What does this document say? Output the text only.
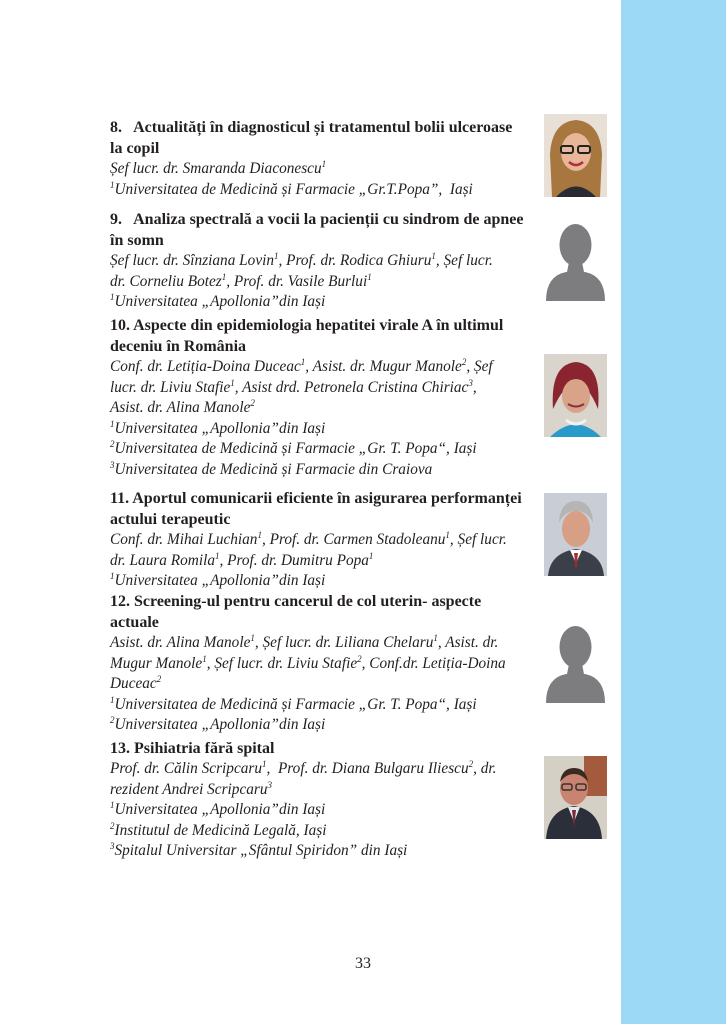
8.   Actualități în diagnosticul și tratamentul bolii ulceroase
la copil
Șef lucr. dr. Smaranda Diaconescu$^1$
$^1$Universitatea de Medicină și Farmacie „Gr.T.Popa”,  Iași
9.   Analiza spectrală a vocii la pacienții cu sindrom de apnee
în somn
Șef lucr. dr. Sînziana Lovin$^1$, Prof. dr. Rodica Ghiuru$^1$, Șef lucr.
dr. Corneliu Botez$^1$, Prof. dr. Vasile Burlui$^1$
$^1$Universitatea „Apollonia”din Iași
10. Aspecte din epidemiologia hepatitei virale A în ultimul
deceniu în România
Conf. dr. Letiția-Doina Duceac$^1$, Asist. dr. Mugur Manole$^2$, Șef
lucr. dr. Liviu Stafie$^1$, Asist drd. Petronela Cristina Chiriac$^3$,
Asist. dr. Alina Manole$^2$
$^1$Universitatea „Apollonia”din Iași
$^2$Universitatea de Medicină și Farmacie „Gr. T. Popa“, Iași
$^3$Universitatea de Medicină și Farmacie din Craiova
11. Aportul comunicarii eficiente în asigurarea performanței
actului terapeutic
Conf. dr. Mihai Luchian$^1$, Prof. dr. Carmen Stadoleanu$^1$, Șef lucr.
dr. Laura Romila$^1$, Prof. dr. Dumitru Popa$^1$
$^1$Universitatea „Apollonia”din Iași
12. Screening-ul pentru cancerul de col uterin- aspecte
actuale
Asist. dr. Alina Manole$^1$, Șef lucr. dr. Liliana Chelaru$^1$, Asist. dr.
Mugur Manole$^1$, Șef lucr. dr. Liviu Stafie$^2$, Conf.dr. Letiția-Doina
Duceac$^2$
$^1$Universitatea de Medicină și Farmacie „Gr. T. Popa“, Iași
$^2$Universitatea „Apollonia”din Iași
13. Psihiatria fără spital
Prof. dr. Călin Scripcaru$^1$,  Prof. dr. Diana Bulgaru Iliescu$^2$, dr.
rezident Andrei Scripcaru$^3$
$^1$Universitatea „Apollonia”din Iași
$^2$Institutul de Medicină Legală, Iași
$^3$Spitalul Universitar „Sfântul Spiridon” din Iași
33
